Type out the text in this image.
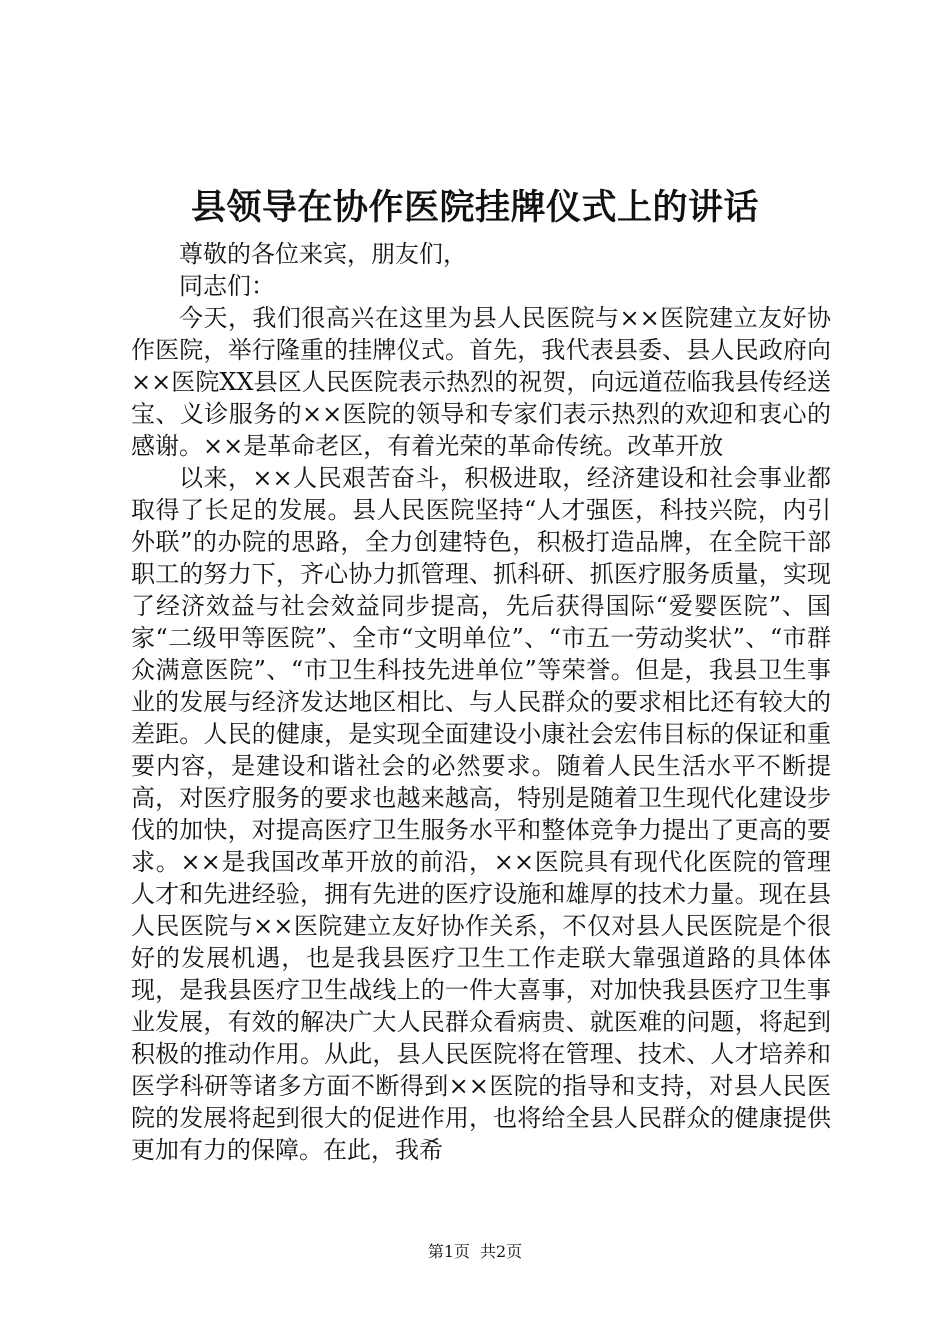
县领导在协作医院挂牌仪式上的讲话

尊敬的各位来宾，朋友们，

同志们：

今天，我们很高兴在这里为县人民医院与××医院建立友好协作医院，举行隆重的挂牌仪式。首先，我代表县委、县人民政府向××医院XX县区人民医院表示热烈的祝贺，向远道莅临我县传经送宝、义诊服务的××医院的领导和专家们表示热烈的欢迎和衷心的感谢。××是革命老区，有着光荣的革命传统。改革开放

以来，××人民艰苦奋斗，积极进取，经济建设和社会事业都取得了长足的发展。县人民医院坚持“人才强医，科技兴院，内引外联”的办院的思路，全力创建特色，积极打造品牌，在全院干部职工的努力下，齐心协力抓管理、抓科研、抓医疗服务质量，实现了经济效益与社会效益同步提高，先后获得国际“爱婴医院”、国家“二级甲等医院”、全市“文明单位”、“市五一劳动奖状”、“市群众满意医院”、“市卫生科技先进单位”等荣誉。但是，我县卫生事业的发展与经济发达地区相比、与人民群众的要求相比还有较大的差距。人民的健康，是实现全面建设小康社会宏伟目标的保证和重要内容，是建设和谐社会的必然要求。随着人民生活水平不断提高，对医疗服务的要求也越来越高，特别是随着卫生现代化建设步伐的加快，对提高医疗卫生服务水平和整体竞争力提出了更高的要求。××是我国改革开放的前沿，××医院具有现代化医院的管理人才和先进经验，拥有先进的医疗设施和雄厚的技术力量。现在县人民医院与××医院建立友好协作关系，不仅对县人民医院是个很好的发展机遇，也是我县医疗卫生工作走联大靠强道路的具体体现，是我县医疗卫生战线上的一件大喜事，对加快我县医疗卫生事业发展，有效的解决广大人民群众看病贵、就医难的问题，将起到积极的推动作用。从此，县人民医院将在管理、技术、人才培养和医学科研等诸多方面不断得到××医院的指导和支持，对县人民医院的发展将起到很大的促进作用，也将给全县人民群众的健康提供更加有力的保障。在此，我希

第1页 共2页
